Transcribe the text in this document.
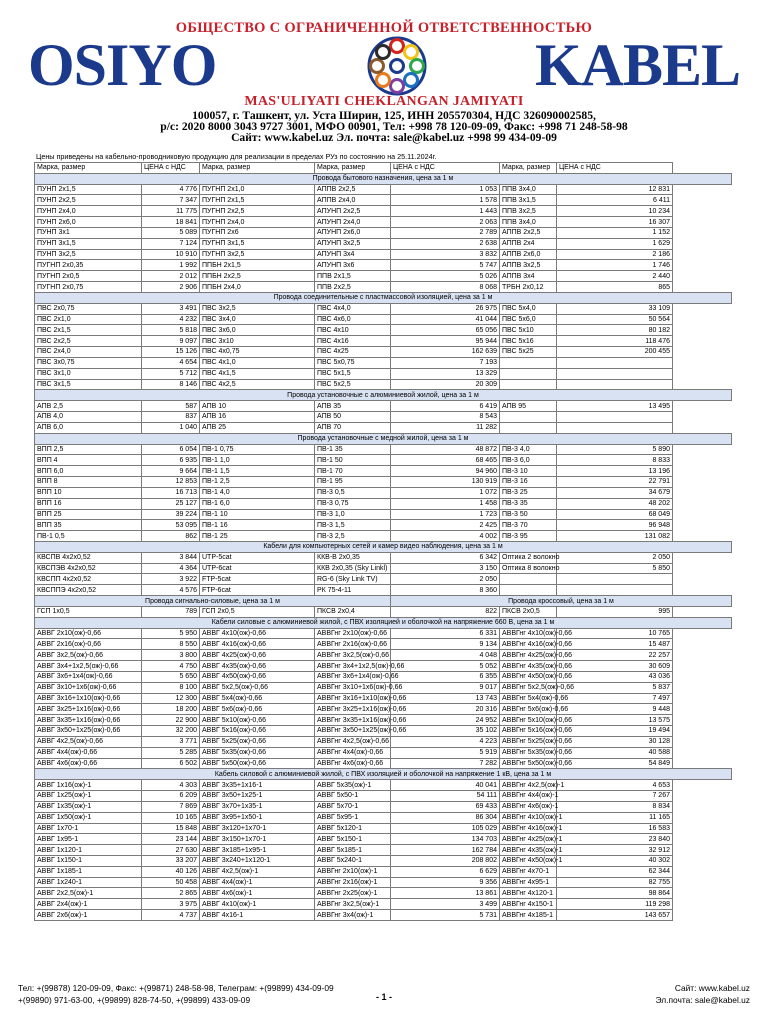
ОБЩЕСТВО С ОГРАНИЧЕННОЙ ОТВЕТСТВЕННОСТЬЮ
OSIYO	KABEL
MAS'ULIYATI CHEKLANGAN JAMIYATI
100057, г. Ташкент, ул. Уста Ширин, 125, ИНН 205570304, НДС 326090002585,
р/с: 2020 8000 3043 9727 3001, МФО 00901, Тел: +998 78 120-09-09, Факс: +998 71 248-58-98
Сайт: www.kabel.uz Эл. почта: sale@kabel.uz +998 99 434-09-09
Цены приведены на кабельно-проводниковую продукцию для реализации в пределах РУз по состоянию на 25.11.2024г.
Марка, размер	ЦЕНА с НДС	Марка, размер		Марка, размер	ЦЕНА с НДС	Марка, размер	ЦЕНА с НДС
Провода бытового назначения, цена за 1 м						
ПУНП 2х1,5	4 776	ПУГНП 2х1,0		АППВ 2х2,5	1 053	ППВ 3х4,0	12 831
ПУНП 2х2,5	7 347	ПУГНП 2х1,5		АППВ 2х4,0	1 578	ППВ 3х1,5	6 411
ПУНП 2х4,0	11 775	ПУГНП 2х2,5		АПУНП 2х2,5	1 443	ППВ 3х2,5	10 234
ПУНП 2х6,0	18 841	ПУГНП 2х4,0		АПУНП 2х4,0	2 063	ППВ 3х4,0	16 307
ПУНП 3х1	5 089	ПУГНП 2х6		АПУНП 2х6,0	2 789	АППВ 2х2,5	1 152
ПУНП 3х1,5	7 124	ПУГНП 3х1,5		АПУНП 3х2,5	2 638	АППВ 2х4	1 629
ПУНП 3х2,5	10 910	ПУГНП 3х2,5		АПУНП 3х4	3 832	АППВ 2х6,0	2 186
ПУГНП 2х0,35	1 992	ППБН 2х1,5		АПУНП 3х6	5 747	АППВ 3х2,5	1 746
ПУГНП 2х0,5	2 012	ППБН 2х2,5		ППВ 2х1,5	5 026	АППВ 3х4	2 440
ПУГНП 2х0,75	2 906	ППБН 2х4,0		ППВ 2х2,5	8 068	ТРБН 2х0,12	865
Провода соединительные с пластмассовой изоляцией, цена за 1 м						
ПВС 2х0,75	3 491	ПВС 3х2,5		ПВС 4х4,0	26 975	ПВС 5х4,0	33 109
ПВС 2х1,0	4 232	ПВС 3х4,0		ПВС 4х6,0	41 044	ПВС 5х6,0	50 564
ПВС 2х1,5	5 818	ПВС 3х6,0		ПВС 4х10	65 056	ПВС 5х10	80 182
ПВС 2х2,5	9 097	ПВС 3х10		ПВС 4х16	95 944	ПВС 5х16	118 476
ПВС 2х4,0	15 126	ПВС 4х0,75		ПВС 4х25	162 639	ПВС 5х25	200 455
ПВС 3х0,75	4 654	ПВС 4х1,0		ПВС 5х0,75	7 193		
ПВС 3х1,0	5 712	ПВС 4х1,5		ПВС 5х1,5	13 329		
ПВС 3х1,5	8 146	ПВС 4х2,5		ПВС 5х2,5	20 309		
Провода установочные с алюминиевой жилой, цена за 1 м						
АПВ 2,5	587	АПВ 10		АПВ 35	6 419	АПВ 95	13 495
АПВ 4,0	837	АПВ 16		АПВ 50	8 543		
АПВ 6,0	1 040	АПВ 25		АПВ 70	11 282		
Провода установочные с медной жилой, цена за 1 м						
ВПП 2,5	6 054	ПВ-1 0,75		ПВ-1 35	48 872	ПВ-3 4,0	5 890
ВПП 4	6 935	ПВ-1 1,0		ПВ-1 50	68 465	ПВ-3 6,0	8 833
ВПП 6,0	9 664	ПВ-1 1,5		ПВ-1 70	94 960	ПВ-3 10	13 196
ВПП 8	12 853	ПВ-1 2,5		ПВ-1 95	130 919	ПВ-3 16	22 791
ВПП 10	16 713	ПВ-1 4,0		ПВ-3 0,5	1 072	ПВ-3 25	34 679
ВПП 16	25 127	ПВ-1 6,0		ПВ-3 0,75	1 458	ПВ-3 35	48 202
ВПП 25	39 224	ПВ-1 10		ПВ-3 1,0	1 723	ПВ-3 50	68 049
ВПП 35	53 095	ПВ-1 16		ПВ-3 1,5	2 425	ПВ-3 70	96 948
ПВ-1 0,5	862	ПВ-1 25		ПВ-3 2,5	4 002	ПВ-3 95	131 082
Кабели для компьютерных сетей и камер видео наблюдения, цена за 1 м						
КВСПВ 4х2х0,52	3 844	UTP-5cat		ККВ-В 2х0,35	6 342	Оптика 2 волокно	2 050
КВСПЭВ 4х2х0,52	4 364	UTP-6cat		ККВ 2х0,35 (Sky Linkl)	3 150	Оптика 8 волокно	5 850
КВСПП 4х2х0,52	3 922	FTP-5cat		RG-6 (Sky Link TV)	2 050		
КВСППЭ 4х2х0,52	4 576	FTP-6cat		РК 75-4-11	8 360		
Провода сигнально-силовые, цена за 1 м				Провода кроссовый, цена за 1 м		
ГСП 1х0,5	789	ГСП 2х0,5		ПКСВ 2х0,4	822	ПКСВ 2х0,5	995
Кабели силовые с алюминиевой жилой, с ПВХ изоляцией и оболочкой на напряжение 660 В, цена за 1 м						
АВВГ 2х10(ож)-0,66	5 950	АВВГ 4х10(ож)-0,66		АВВГнг 2х10(ож)-0,66	6 331	АВВГнг 4х10(ож)-0,66	10 765
АВВГ 2х16(ож)-0,66	8 550	АВВГ 4х16(ож)-0,66		АВВГнг 2х16(ож)-0,66	9 134	АВВГнг 4х16(ож)-0,66	15 487
АВВГ 3х2,5(ож)-0,66	3 800	АВВГ 4х25(ож)-0,66		АВВГнг 3х2,5(ож)-0,66	4 048	АВВГнг 4х25(ож)-0,66	22 257
АВВГ 3х4+1х2,5(ож)-0,66	4 750	АВВГ 4х35(ож)-0,66		АВВГнг 3х4+1х2,5(ож)-0,66	5 052	АВВГнг 4х35(ож)-0,66	30 609
АВВГ 3х6+1х4(ож)-0,66	5 650	АВВГ 4х50(ож)-0,66		АВВГнг 3х6+1х4(ож)-0,66	6 355	АВВГнг 4х50(ож)-0,66	43 036
АВВГ 3х10+1х6(ож)-0,66	8 100	АВВГ 5х2,5(ож)-0,66		АВВГнг 3х10+1х6(ож)-0,66	9 017	АВВГнг 5х2,5(ож)-0,66	5 837
АВВГ 3х16+1х10(ож)-0,66	12 300	АВВГ 5х4(ож)-0,66		АВВГнг 3х16+1х10(ож)-0,66	13 743	АВВГнг 5х4(ож)-0,66	7 497
АВВГ 3х25+1х16(ож)-0,66	18 200	АВВГ 5х6(ож)-0,66		АВВГнг 3х25+1х16(ож)-0,66	20 316	АВВГнг 5х6(ож)-0,66	9 448
АВВГ 3х35+1х16(ож)-0,66	22 900	АВВГ 5х10(ож)-0,66		АВВГнг 3х35+1х16(ож)-0,66	24 952	АВВГнг 5х10(ож)-0,66	13 575
АВВГ 3х50+1х25(ож)-0,66	32 200	АВВГ 5х16(ож)-0,66		АВВГнг 3х50+1х25(ож)-0,66	35 102	АВВГнг 5х16(ож)-0,66	19 494
АВВГ 4х2,5(ож)-0,66	3 771	АВВГ 5х25(ож)-0,66		АВВГнг 4х2,5(ож)-0,66	4 223	АВВГнг 5х25(ож)-0,66	30 128
АВВГ 4х4(ож)-0,66	5 285	АВВГ 5х35(ож)-0,66		АВВГнг 4х4(ож)-0,66	5 919	АВВГнг 5х35(ож)-0,66	40 588
АВВГ 4х6(ож)-0,66	6 502	АВВГ 5х50(ож)-0,66		АВВГнг 4х6(ож)-0,66	7 282	АВВГнг 5х50(ож)-0,66	54 849
Кабель силовой с алюминиевой жилой, с ПВХ изоляцией и оболочкой на напряжение 1 кВ, цена за 1 м						
АВВГ 1х16(ож)-1	4 303	АВВГ 3х35+1х16-1		АВВГ 5х35(ож)-1	40 041	АВВГнг 4х2,5(ож)-1	4 653
АВВГ 1х25(ож)-1	6 209	АВВГ 3х50+1х25-1		АВВГ 5х50-1	54 111	АВВГнг 4х4(ож)-1	7 267
АВВГ 1х35(ож)-1	7 869	АВВГ 3х70+1х35-1		АВВГ 5х70-1	69 433	АВВГнг 4х6(ож)-1	8 834
АВВГ 1х50(ож)-1	10 165	АВВГ 3х95+1х50-1		АВВГ 5х95-1	86 304	АВВГнг 4х10(ож)-1	11 165
АВВГ 1х70-1	15 848	АВВГ 3х120+1х70-1		АВВГ 5х120-1	105 029	АВВГнг 4х16(ож)-1	16 583
АВВГ 1х95-1	23 144	АВВГ 3х150+1х70-1		АВВГ 5х150-1	134 703	АВВГнг 4х25(ож)-1	23 840
АВВГ 1х120-1	27 630	АВВГ 3х185+1х95-1		АВВГ 5х185-1	162 784	АВВГнг 4х35(ож)-1	32 912
АВВГ 1х150-1	33 207	АВВГ 3х240+1х120-1		АВВГ 5х240-1	208 802	АВВГнг 4х50(ож)-1	40 302
АВВГ 1х185-1	40 126	АВВГ 4х2,5(ож)-1		АВВГнг 2х10(ож)-1	6 629	АВВГнг 4х70-1	62 344
АВВГ 1х240-1	50 458	АВВГ 4х4(ож)-1		АВВГнг 2х16(ож)-1	9 356	АВВГнг 4х95-1	82 755
АВВГ 2х2,5(ож)-1	2 865	АВВГ 4х6(ож)-1		АВВГнг 2х25(ож)-1	13 861	АВВГнг 4х120-1	98 864
АВВГ 2х4(ож)-1	3 975	АВВГ 4х10(ож)-1		АВВГнг 3х2,5(ож)-1	3 499	АВВГнг 4х150-1	119 298
АВВГ 2х6(ож)-1	4 737	АВВГ 4х16-1		АВВГнг 3х4(ож)-1	5 731	АВВГнг 4х185-1	143 657
Тел: +(99878) 120-09-09, Факс: +(99871) 248-58-98, Телеграм: +(99899) 434-09-09
+(99890) 971-63-00, +(99899) 828-74-50, +(99899) 433-09-09	- 1 -
Сайт: www.kabel.uz
Эл.почта: sale@kabel.uz
